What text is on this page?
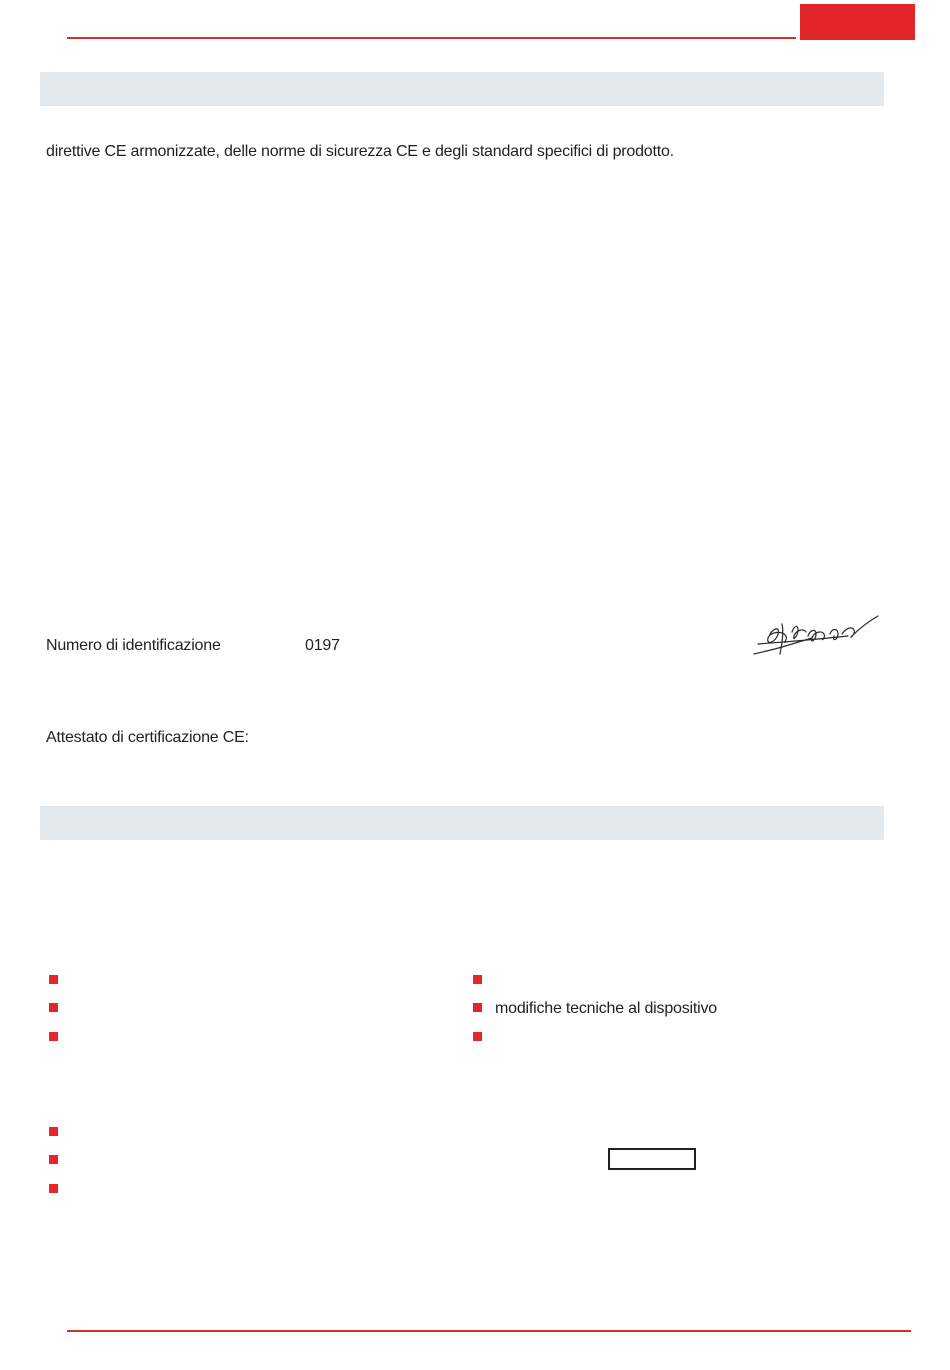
direttive CE armonizzate, delle norme di sicurezza CE e degli standard specifici di prodotto.
Numero di identificazione	0197
Attestato di certificazione CE:
modifiche tecniche al dispositivo
